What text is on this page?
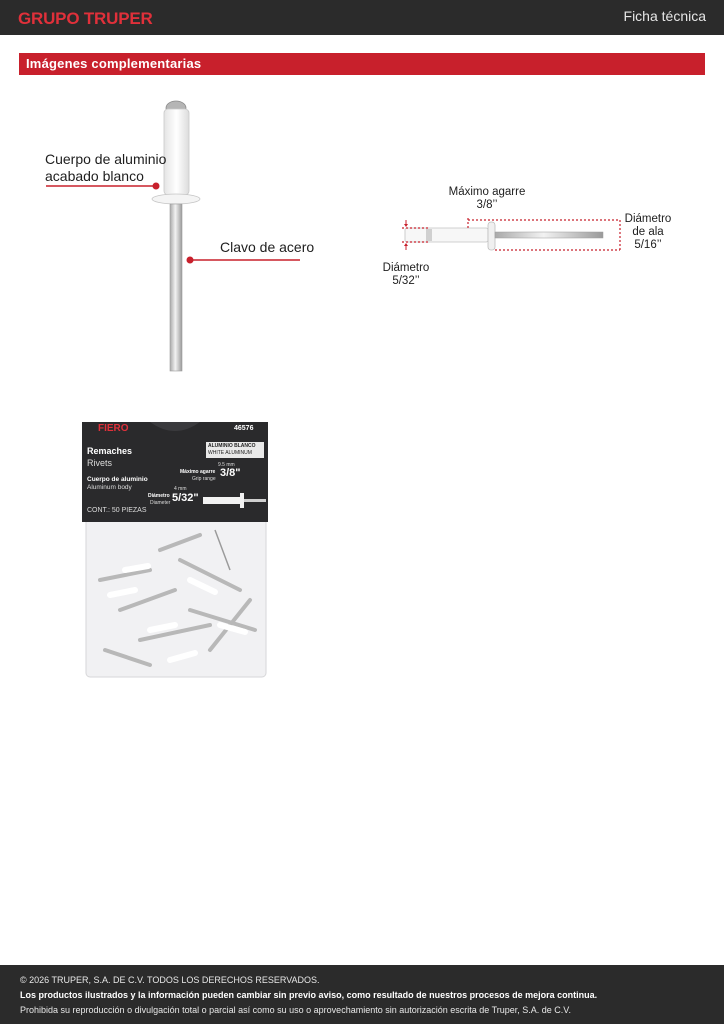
GRUPO TRUPER	Ficha técnica
Imágenes complementarias
Cuerpo de aluminio
acabado blanco
Clavo de acero
Máximo agarre
3/8’’
Diámetro
de ala
5/16’’
Diámetro
5/32’’
FIERO	46576
ALUMINIO BLANCO
WHITE ALUMINUM
Remaches
Rivets
Cuerpo de aluminio
Aluminum body
9.5 mm
Máximo agarre
Grip range 3/8"
4 mm
Diámetro
Diameter 5/32"
CONT.: 50 PIEZAS
© 2026 TRUPER, S.A. DE C.V. TODOS LOS DERECHOS RESERVADOS.
Los productos ilustrados y la información pueden cambiar sin previo aviso, como resultado de nuestros procesos de mejora continua.
Prohibida su reproducción o divulgación total o parcial así como su uso o aprovechamiento sin autorización escrita de Truper, S.A. de C.V.
